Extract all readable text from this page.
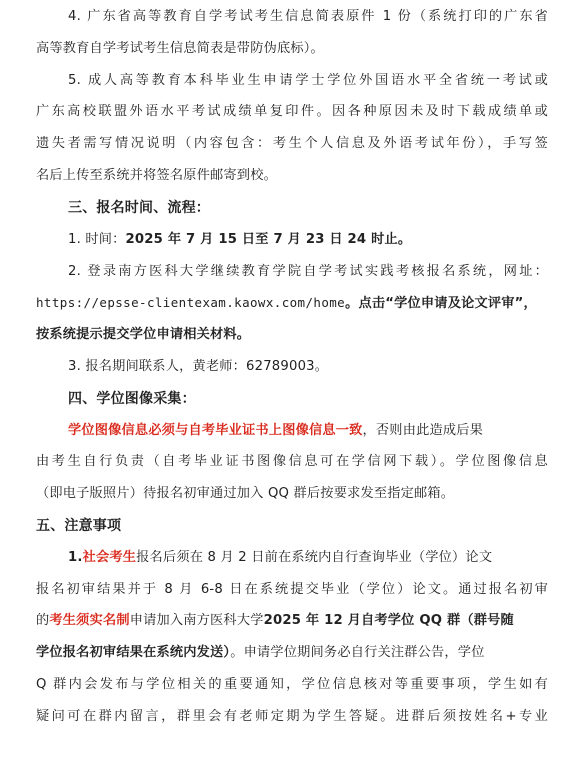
4. 广东省高等教育自学考试考生信息简表原件 1 份（系统打印的广东省
高等教育自学考试考生信息简表是带防伪底标）。
5. 成人高等教育本科毕业生申请学士学位外国语水平全省统一考试或
广东高校联盟外语水平考试成绩单复印件。因各种原因未及时下载成绩单或
遗失者需写情况说明（内容包含：考生个人信息及外语考试年份），手写签
名后上传至系统并将签名原件邮寄到校。
三、报名时间、流程：
1. 时间：2025 年 7 月 15 日至 7 月 23 日 24 时止。
2. 登录南方医科大学继续教育学院自学考试实践考核报名系统，网址：
https://epsse-clientexam.kaowx.com/home。点击“学位申请及论文评审”，
按系统提示提交学位申请相关材料。
3. 报名期间联系人，黄老师：62789003。
四、学位图像采集：
学位图像信息必须与自考毕业证书上图像信息一致，否则由此造成后果
由考生自行负责（自考毕业证书图像信息可在学信网下载）。学位图像信息
（即电子版照片）待报名初审通过加入 QQ 群后按要求发至指定邮箱。
五、注意事项
1.社会考生报名后须在 8 月 2 日前在系统内自行查询毕业（学位）论文
报名初审结果并于 8 月 6-8 日在系统提交毕业（学位）论文。通过报名初审
的考生须实名制申请加入南方医科大学2025 年 12 月自考学位 QQ 群（群号随
学位报名初审结果在系统内发送）。申请学位期间务必自行关注群公告，学位
Q 群内会发布与学位相关的重要通知，学位信息核对等重要事项，学生如有
疑问可在群内留言，群里会有老师定期为学生答疑。进群后须按姓名+专业
